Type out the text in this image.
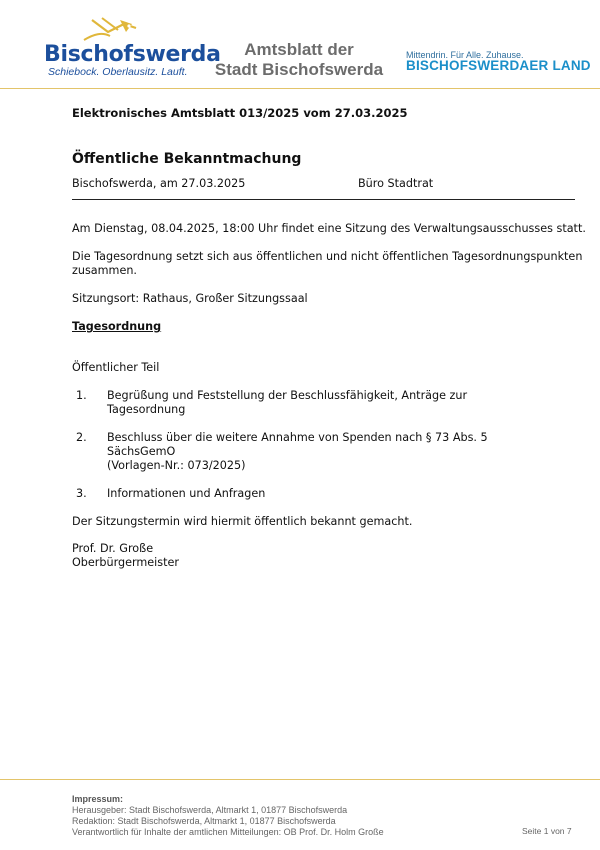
Bischofswerda
Schiebock. Oberlausitz. Lauft.
Amtsblatt der
Stadt Bischofswerda
Mittendrin. Für Alle. Zuhause.
BISCHOFSWERDAER LAND
Elektronisches Amtsblatt 013/2025 vom 27.03.2025
Öffentliche Bekanntmachung
Bischofswerda, am 27.03.2025	Büro Stadtrat
Am Dienstag, 08.04.2025, 18:00 Uhr findet eine Sitzung des Verwaltungsausschusses statt.
Die Tagesordnung setzt sich aus öffentlichen und nicht öffentlichen Tagesordnungspunkten
zusammen.
Sitzungsort: Rathaus, Großer Sitzungssaal
Tagesordnung
Öffentlicher Teil
1. Begrüßung und Feststellung der Beschlussfähigkeit, Anträge zur
Tagesordnung
2. Beschluss über die weitere Annahme von Spenden nach § 73 Abs. 5
SächsGemO
(Vorlagen-Nr.: 073/2025)
3. Informationen und Anfragen
Der Sitzungstermin wird hiermit öffentlich bekannt gemacht.
Prof. Dr. Große
Oberbürgermeister
Impressum:
Herausgeber: Stadt Bischofswerda, Altmarkt 1, 01877 Bischofswerda
Redaktion: Stadt Bischofswerda, Altmarkt 1, 01877 Bischofswerda
Verantwortlich für Inhalte der amtlichen Mitteilungen: OB Prof. Dr. Holm Große	Seite 1 von 7
